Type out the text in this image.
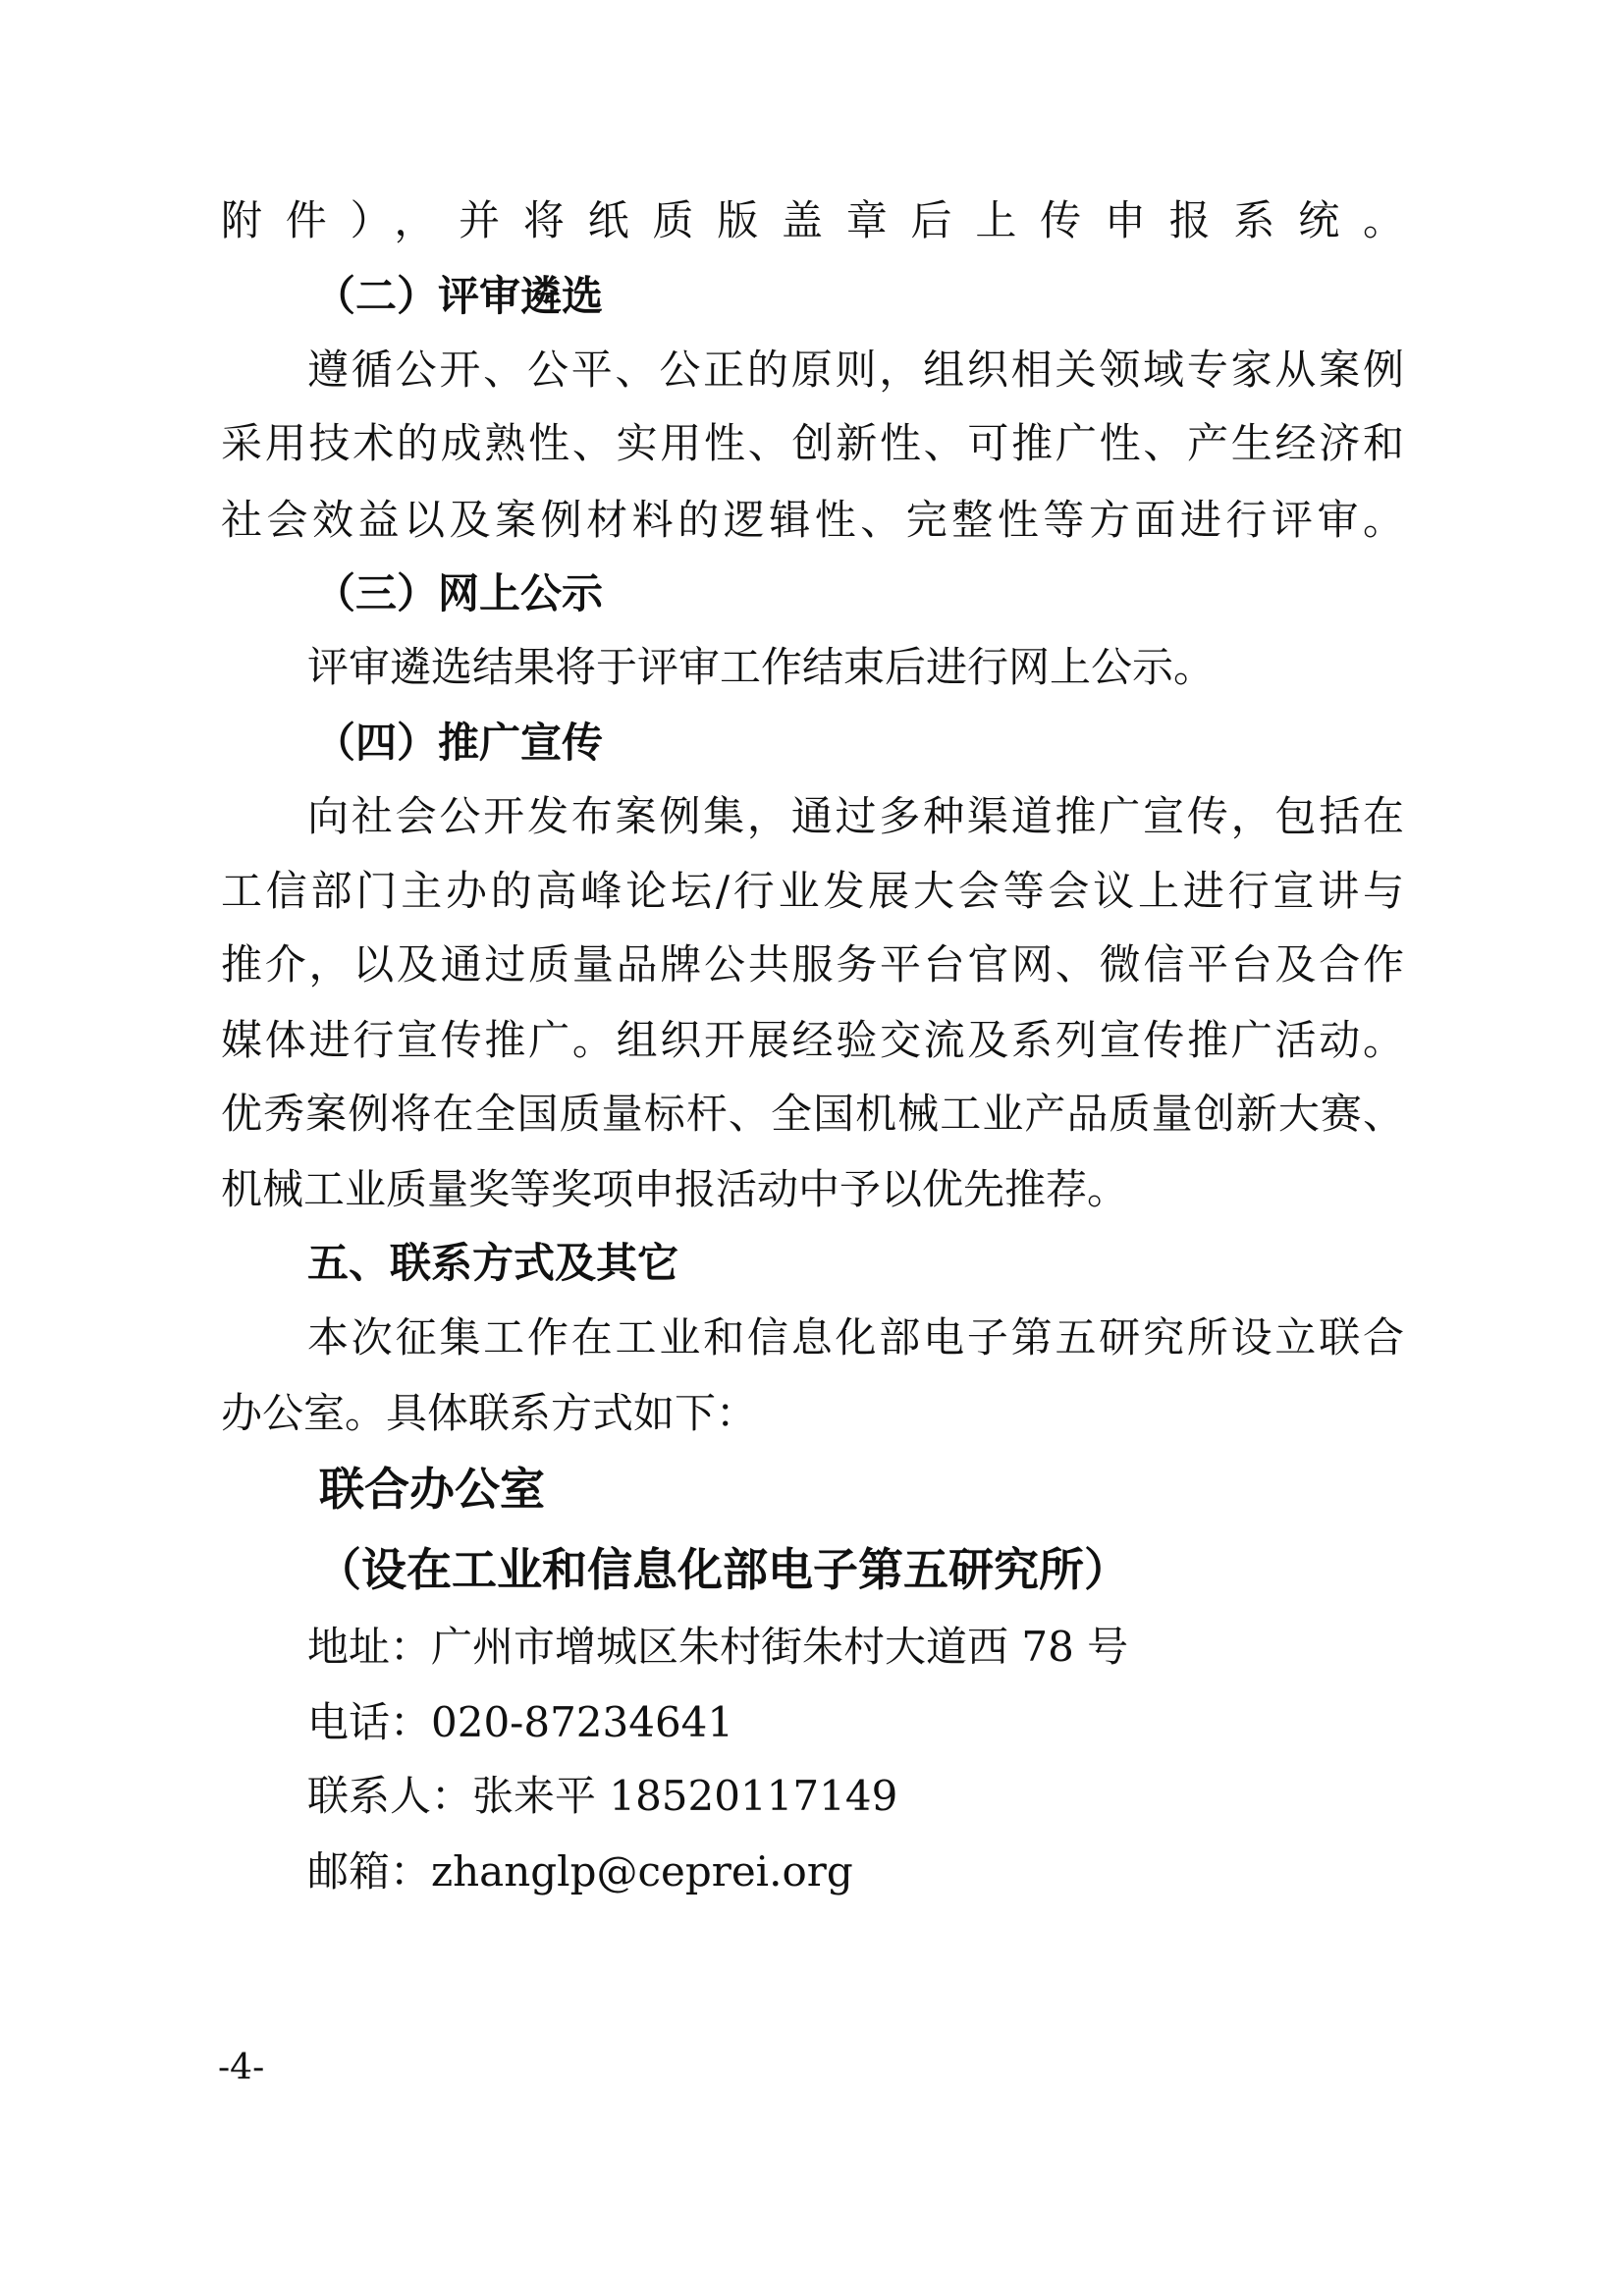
附件），并将纸质版盖章后上传申报系统。
（二）评审遴选
遵循公开、公平、公正的原则，组织相关领域专家从案例
采用技术的成熟性、实用性、创新性、可推广性、产生经济和
社会效益以及案例材料的逻辑性、完整性等方面进行评审。
（三）网上公示
评审遴选结果将于评审工作结束后进行网上公示。
（四）推广宣传
向社会公开发布案例集，通过多种渠道推广宣传，包括在
工信部门主办的高峰论坛/行业发展大会等会议上进行宣讲与
推介，以及通过质量品牌公共服务平台官网、微信平台及合作
媒体进行宣传推广。组织开展经验交流及系列宣传推广活动。
优秀案例将在全国质量标杆、全国机械工业产品质量创新大赛、
机械工业质量奖等奖项申报活动中予以优先推荐。
五、联系方式及其它
本次征集工作在工业和信息化部电子第五研究所设立联合
办公室。具体联系方式如下：
联合办公室
（设在工业和信息化部电子第五研究所）
地址：广州市增城区朱村街朱村大道西 78 号
电话：020-87234641
联系人：张来平 18520117149
邮箱：zhanglp@ceprei.org
-4-
